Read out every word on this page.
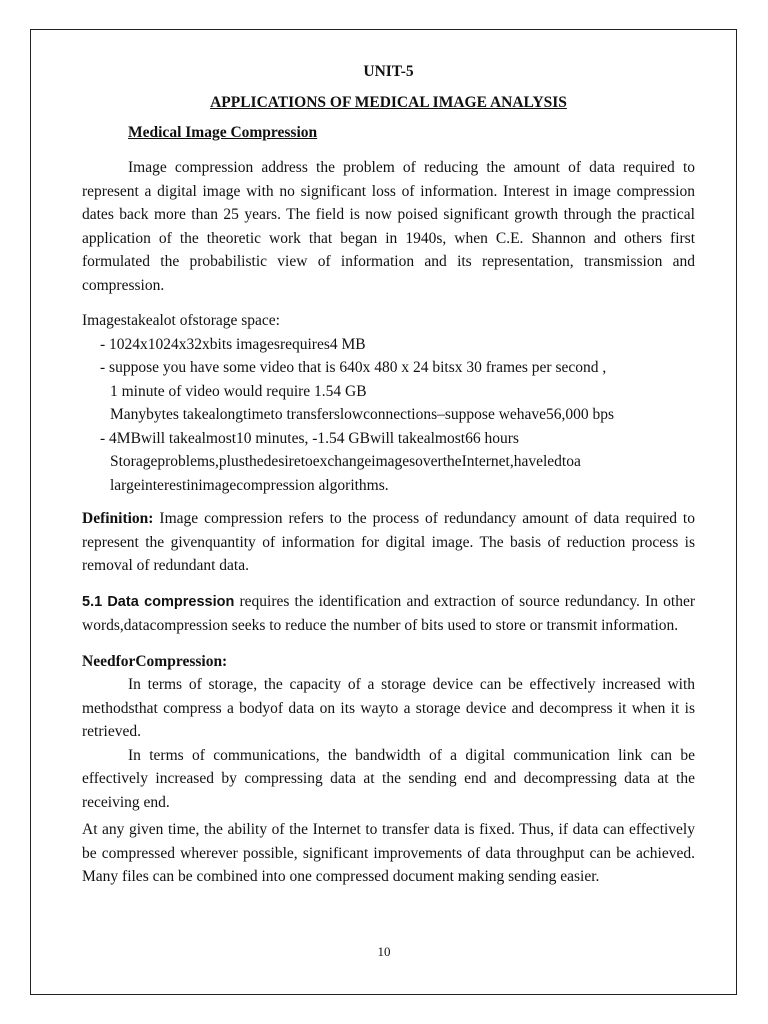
UNIT-5

APPLICATIONS OF MEDICAL IMAGE ANALYSIS

Medical Image Compression

Image compression address the problem of reducing the amount of data required to represent a digital image with no significant loss of information. Interest in image compression dates back more than 25 years. The field is now poised significant growth through the practical application of the theoretic work that began in 1940s, when C.E. Shannon and others first formulated the probabilistic view of information and its representation, transmission and compression.

Imagestakealot ofstorage space:
- 1024x1024x32xbits imagesrequires4 MB
- suppose you have some video that is 640x 480 x 24 bitsx 30 frames per second ,
1 minute of video would require 1.54 GB
Manybytes takealongtimeto transferslowconnections–suppose wehave56,000 bps
- 4MBwill takealmost10 minutes, -1.54 GBwill takealmost66 hours
Storageproblems,plusthedesiretoexchangeimagesovertheInternet,haveledtoa
largeinterestinimagecompression algorithms.

Definition: Image compression refers to the process of redundancy amount of data required to represent the givenquantity of information for digital image. The basis of reduction process is removal of redundant data.

5.1 Data compression requires the identification and extraction of source redundancy. In other words,datacompression seeks to reduce the number of bits used to store or transmit information.

NeedforCompression:

In terms of storage, the capacity of a storage device can be effectively increased with methodsthat compress a bodyof data on its wayto a storage device and decompress it when it is retrieved.

In terms of communications, the bandwidth of a digital communication link can be effectively increased by compressing data at the sending end and decompressing data at the receiving end.

At any given time, the ability of the Internet to transfer data is fixed. Thus, if data can effectively be compressed wherever possible, significant improvements of data throughput can be achieved. Many files can be combined into one compressed document making sending easier.

10
